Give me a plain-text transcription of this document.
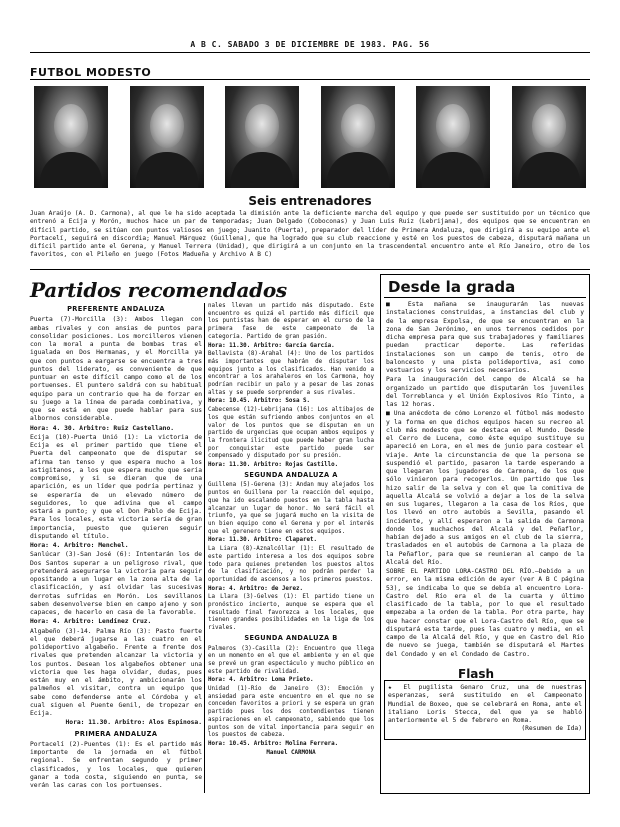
A B C. SABADO 3 DE DICIEMBRE DE 1983. PAG. 56
FUTBOL MODESTO
Seis entrenadores
Juan Araújo (A. D. Carmona), al que le ha sido aceptada la dimisión ante la deficiente marcha del equipo y que puede ser sustituido por un técnico que entrenó a Ecija y Morón, muchos hace un par de temporadas; Juan Delgado (Coboconas) y Juan Luis Ruiz (Lebrijana), dos equipos que se encuentran en difícil partido, se sitúan con puntos valiosos en juego; Juanito (Puerta), preparador del líder de Primera Andaluza, que dirigirá a su equipo ante el Portacelí, seguirá en discordia; Manuel Márquez (Guillena), que ha logrado que su club reaccione y esté en los puestos de cabeza, disputará mañana un difícil partido ante el Gerena, y Manuel Terrera (Unidad), que dirigirá a un conjunto en la trascendental encuentro ante el Río Janeiro, otro de los favoritos, con el Pileño en juego (Fotos Madueña y Archivo A B C)
Partidos recomendados
PREFERENTE ANDALUZA

Puerta (7)-Morcilla (3): Ambos llegan con ambas rivales y con ansias de puntos para consolidar posiciones. Los morcilleros vienen con la moral a punta de bombas tras el igualada en Dos Hermanas, y el Morcilla ya que con puntos a eargarse se encuentra a tres puntos del liderato, es conveniente de que puntuar en este difícil campo como el de los portuenses. El puntero saldrá con su habitual equipo para un contrario que ha de forzar en su juego a la línea de parada combinativa, y que se está en que puede hablar para sus albornos considerable.

Hora: 4. 30. Arbitro: Ruiz Castellano.

Ecija (10)-Puerta Unió (1): La victoria de Ecija es el primer partido que tiene el Puerta del campeonato que de disputar se afirma tan tenso y que espera mucho a los astigitanos, a los que espera mucho que sería compromiso, y si se dieran que de una aparición, es un líder que podría pertinaz y se esperaría de un elevado número de seguidores, lo que adivina que el campo estará a punto; y que el Don Pablo de Ecija. Para los locales, esta victoria sería de gran importancia, puesto que quieren seguir disputando el título.

Hora: 4. Arbitro: Menchel.

Sanlúcar (3)-San José (6): Intentarán los de Dos Santos superar a un peligroso rival, que pretenderá asegurarse la victoria para seguir opositando a un lugar en la zona alta de la clasificación, y así olvidar las sucesivas derrotas sufridas en Morón. Los sevillanos saben desenvolverse bien en campo ajeno y son capaces, de hacerlo en casa de la favorable.

Hora: 4. Arbitro: Lendínez Cruz.

Algabeño (3)-14. Palma Río (3): Pasto fuerte el que deberá jugarse a las cuatro en el polideportivo algabeño. Frente a frente dos rivales que pretenden alcanzar la victoria y los puntos. Desean los algabeños obtener una victoria que les haga olvidar, dudas, pues están muy en el ámbito, y ambicionarán los palmeños el visitar, contra un equipo que sabe como defenderse ante el Córdoba y el cual siguen el Puente Genil, de tropezar en Ecija.

Hora: 11.30. Arbitro: Alos Espinosa.

PRIMERA ANDALUZA

Portacelí (2)-Puentes (1): Es el partido más importante de la jornada en el fútbol regional. Se enfrentan segundo y primer clasificados, y los locales, que quieren ganar a toda costa, siguiendo en punta, se verán las caras con los portuenses.

nales llevan un partido más disputado. Este encuentro es quizá el partido más difícil que los puntistas han de esperar en el curso de la primera fase de este campeonato de la categoría. Partido de gran pasión.

Hora: 11.30. Arbitro: García García.

Bellavista (8)-Arahal (4): Uno de los partidos más importantes que habrán de disputar los equipos junto a los clasificados. Han venido a encontrar a los arahaleros en los Carmona, hoy podrían recibir un palo y a pesar de las zonas altas y se puede sorprender a sus rivales.

Hora: 10.45. Arbitro: Sosa S.

Cabecense (12)-Lebrijana (16): Los altibajos de los que están sufriendo ambos conjuntos en el valor de los puntos que se disputan en un partido de urgencias que ocupan ambos equipos y la frontera ilicitud que puede haber gran lucha por conquistar este partido puede ser compensado y disputado por su presión.

Hora: 11.30. Arbitro: Rojas Castillo.

SEGUNDA ANDALUZA A

Guillena (5)-Gerena (3): Andan muy alejados los puntos en Guillena por la reacción del equipo, que ha ido escalando puestos en la tabla hasta alcanzar un lugar de honor. No será fácil el triunfo, ya que se jugará mucho en la visita de un bien equipo como el Gerena y por el interés que el gerenero tiene en estos equipos.

Hora: 11.30. Arbitro: Claparet.

La Liara (8)-Aznalcóllar (1): El resultado de este partido interesa a los dos equipos sobre todo para quienes pretenden los puestos altos de la clasificación, y no podrán perder la oportunidad de ascensos a los primeros puestos.

Hora: 4. Arbitro: de Jerez.

La Llara (3)-Gelves (1): El partido tiene un pronóstico incierto, aunque se espera que el resultado final favorezca a los locales, que tienen grandes posibilidades en la liga de los rivales.

SEGUNDA ANDALUZA B

Palmeros (3)-Casilla (2): Encuentro que llega en un momento en el que el ambiente y en el que se prevé un gran espectáculo y mucho público en este partido de rivalidad.

Hora: 4. Arbitro: Loma Prieto.

Unidad (1)-Río de Janeiro (3): Emoción y ansiedad para este encuentro en el que no se conceden favoritos a priori y se espera un gran partido pues los dos contendientes tienen aspiraciones en el campeonato, sabiendo que los puntos son de vital importancia para seguir en los puestos de cabeza.

Hora: 10.45. Arbitro: Molina Ferrera.

Manuel CARMONA

Desde la grada

■ Esta mañana se inaugurarán las nuevas instalaciones construidas, a instancias del club y de la empresa Expolsa, de que se encuentran en la zona de San Jerónimo, en unos terrenos cedidos por dicha empresa para que sus trabajadores y familiares puedan practicar deporte. Las referidas instalaciones son un campo de tenis, otro de baloncesto y una pista polideportiva, así como vestuarios y los servicios necesarios.

Para la inauguración del campo de Alcalá se ha organizado un partido que disputarán los juveniles del Torreblanca y el Unión Explosivos Río Tinto, a las 12 horas.

■ Una anécdota de cómo Lorenzo el fútbol más modesto y la forma en que dichos equipos hacen su recreo al club más modesto que se destaca en el Mundo. Desde el Cerro de Lucena, como éste equipo sustituye su apareció en Lora, en el mes de junio para costear el viaje. Ante la circunstancia de que la persona se suspendió el partido, pasaron la tarde esperando a que llegaran los jugadores de Carmona, de los que sólo vinieron para recogerlos. Un partido que les hizo salir de la selva y con el que la comitiva de aquella Alcalá se volvió a dejar a los de la selva en sus lugares, llegaron a la casa de los Ríos, que los llevó en otro autobús a Sevilla, pasando el incidente, y allí esperaron a la salida de Carmona donde los muchachos del Alcalá y del Peñaflor, habían dejado a sus amigos en el club de la sierra, trasladados en el autobús de Carmona a la plaza de la Peñaflor, para que se reunieran al campo de la Alcalá del Río.

SOBRE EL PARTIDO LORA-CASTRO DEL RÍO.—Debido a un error, en la misma edición de ayer (ver A B C página 53), se indicaba lo que se debía al encuentro Lora-Castro del Río era el de la cuarta y último clasificado de la tabla, por lo que el resultado empezaba a la orden de la tabla. Por otra parte, hay que hacer constar que el Lora-Castro del Río, que se disputará esta tarde, pues las cuatro y media, en el campo de la Alcalá del Río, y que en Castro del Río de nuevo se juega, también se disputará el Martes del Condado y en el Condado de Castro.

Flash

★ El pugilista Genaro Cruz, una de nuestras esperanzas, será sustituido en el Campeonato Mundial de Boxeo, que se celebrará en Roma, ante el italiano Loris Stecca, del que ya se habló anteriormente el 5 de febrero en Roma.

(Resumen de Ida)
